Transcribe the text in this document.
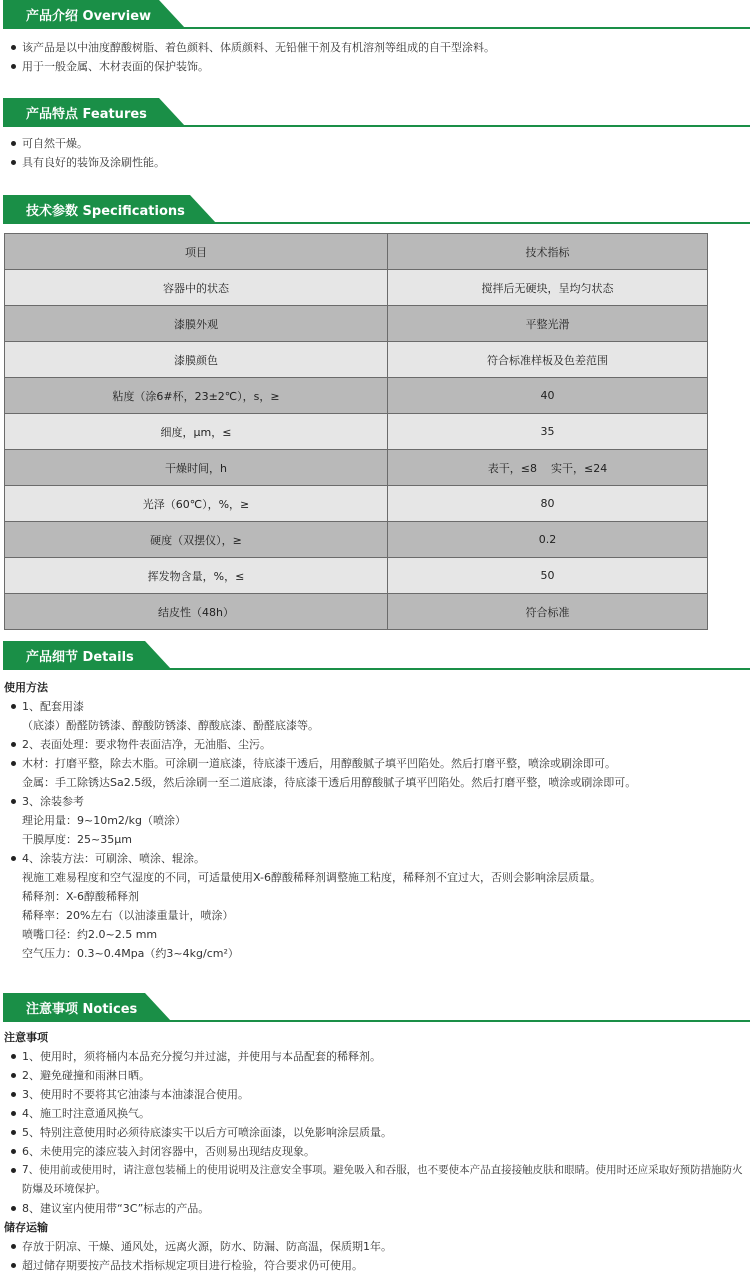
产品介绍 Overview
该产品是以中油度醇酸树脂、着色颜料、体质颜料、无铅催干剂及有机溶剂等组成的自干型涂料。
用于一般金属、木材表面的保护装饰。
产品特点 Features
可自然干燥。
具有良好的装饰及涂刷性能。
技术参数 Specifications
项目	技术指标
容器中的状态	搅拌后无硬块，呈均匀状态
漆膜外观	平整光滑
漆膜颜色	符合标准样板及色差范围
粘度（涂6#杯，23±2℃），s，≥	40
细度，μm，≤	35
干燥时间，h	表干，≤8    实干，≤24
光泽（60℃），%，≥	80
硬度（双摆仪），≥	0.2
挥发物含量，%，≤	50
结皮性（48h）	符合标准
产品细节 Details
使用方法
1、配套用漆
（底漆）酚醛防锈漆、醇酸防锈漆、醇酸底漆、酚醛底漆等。
2、表面处理：要求物件表面洁净，无油脂、尘污。
木材：打磨平整，除去木脂。可涂刷一道底漆，待底漆干透后，用醇酸腻子填平凹陷处。然后打磨平整，喷涂或刷涂即可。
金属：手工除锈达Sa2.5级，然后涂刷一至二道底漆，待底漆干透后用醇酸腻子填平凹陷处。然后打磨平整，喷涂或刷涂即可。
3、涂装参考
理论用量：9~10m2/kg（喷涂）
干膜厚度：25~35μm
4、涂装方法：可刷涂、喷涂、辊涂。
视施工难易程度和空气湿度的不同，可适量使用X-6醇酸稀释剂调整施工粘度，稀释剂不宜过大，否则会影响涂层质量。
稀释剂：X-6醇酸稀释剂
稀释率：20%左右（以油漆重量计，喷涂）
喷嘴口径：约2.0~2.5 mm
空气压力：0.3~0.4Mpa（约3~4kg/cm²）
注意事项 Notices
注意事项
1、使用时，须将桶内本品充分搅匀并过滤，并使用与本品配套的稀释剂。
2、避免碰撞和雨淋日晒。
3、使用时不要将其它油漆与本油漆混合使用。
4、施工时注意通风换气。
5、特别注意使用时必须待底漆实干以后方可喷涂面漆，以免影响涂层质量。
6、未使用完的漆应装入封闭容器中，否则易出现结皮现象。
7、使用前或使用时，请注意包装桶上的使用说明及注意安全事项。避免吸入和吞服，也不要使本产品直接接触皮肤和眼睛。使用时还应采取好预防措施防火防爆及环境保护。
8、建议室内使用带“3C”标志的产品。
储存运输
存放于阴凉、干燥、通风处，远离火源，防水、防漏、防高温，保质期1年。
超过储存期要按产品技术指标规定项目进行检验，符合要求仍可使用。
